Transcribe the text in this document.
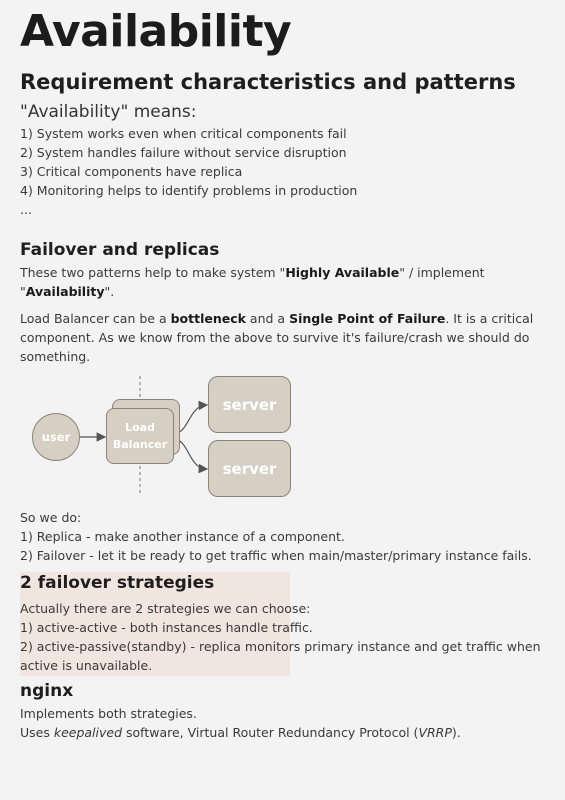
Availability
Requirement characteristics and patterns
"Availability" means:
1) System works even when critical components fail
2) System handles failure without service disruption
3) Critical components have replica
4) Monitoring helps to identify problems in production
...
Failover and replicas

These two patterns help to make system "Highly Available" / implement "Availability".

Load Balancer can be a bottleneck and a Single Point of Failure. It is a critical component. As we know from the above to survive it's failure/crash we should do something.

user
Load Balancer
server
server
So we do:
1) Replica - make another instance of a component.
2) Failover - let it be ready to get traffic when main/master/primary instance fails.
2 failover strategies
Actually there are 2 strategies we can choose:
1) active-active - both instances handle traffic.
2) active-passive(standby) - replica monitors primary instance and get traffic when active is unavailable.
nginx
Implements both strategies.
Uses keepalived software, Virtual Router Redundancy Protocol (VRRP).
